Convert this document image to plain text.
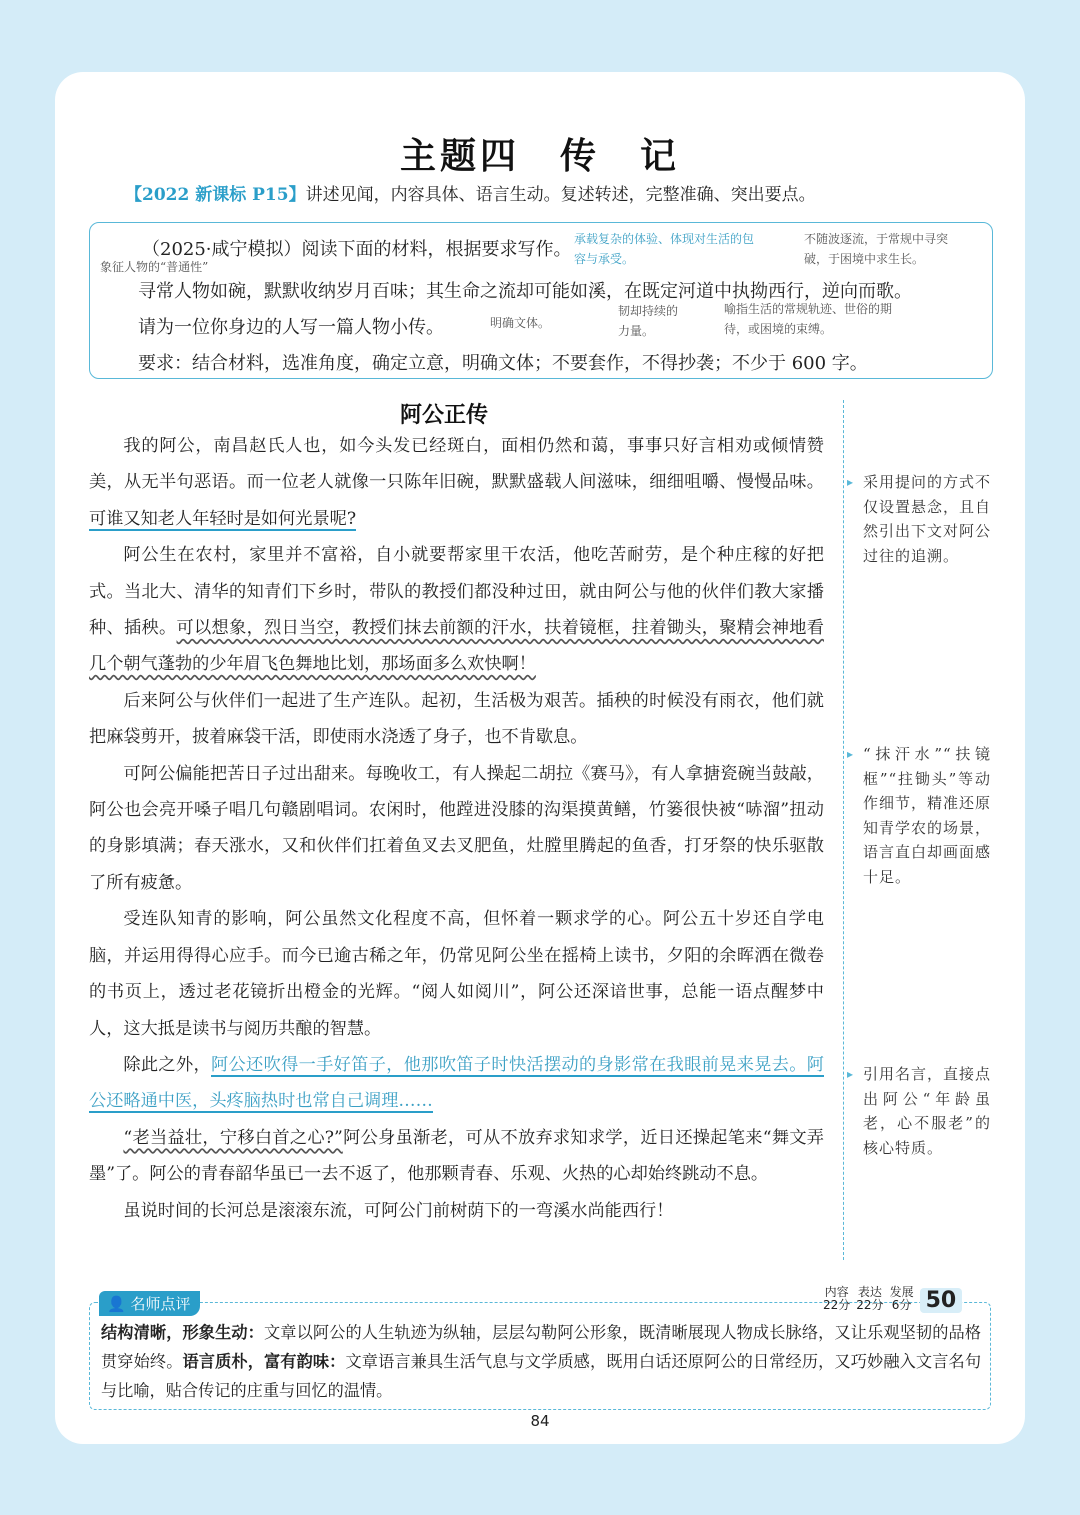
主题四　传　记
【2022 新课标 P15】讲述见闻，内容具体、语言生动。复述转述，完整准确、突出要点。
（2025·咸宁模拟）阅读下面的材料，根据要求写作。
寻常人物如碗，默默收纳岁月百味；其生命之流却可能如溪，在既定河道中执拗西行，逆向而歌。
请为一位你身边的人写一篇人物小传。
要求：结合材料，选准角度，确定立意，明确文体；不要套作，不得抄袭；不少于 600 字。
象征人物的“普通性”
承载复杂的体验、体现对生活的包容与承受。
不随波逐流，于常规中寻突破，于困境中求生长。
韧却持续的力量。
喻指生活的常规轨迹、世俗的期待，或困境的束缚。
明确文体。
阿公正传

我的阿公，南昌赵氏人也，如今头发已经斑白，面相仍然和蔼，事事只好言相劝或倾情赞美，从无半句恶语。而一位老人就像一只陈年旧碗，默默盛载人间滋味，细细咀嚼、慢慢品味。可谁又知老人年轻时是如何光景呢?

阿公生在农村，家里并不富裕，自小就要帮家里干农活，他吃苦耐劳，是个种庄稼的好把式。当北大、清华的知青们下乡时，带队的教授们都没种过田，就由阿公与他的伙伴们教大家播种、插秧。可以想象，烈日当空，教授们抹去前额的汗水，扶着镜框，拄着锄头，聚精会神地看几个朝气蓬勃的少年眉飞色舞地比划，那场面多么欢快啊！

后来阿公与伙伴们一起进了生产连队。起初，生活极为艰苦。插秧的时候没有雨衣，他们就把麻袋剪开，披着麻袋干活，即使雨水浇透了身子，也不肯歇息。

可阿公偏能把苦日子过出甜来。每晚收工，有人操起二胡拉《赛马》，有人拿搪瓷碗当鼓敲，阿公也会亮开嗓子唱几句赣剧唱词。农闲时，他蹚进没膝的沟渠摸黄鳝，竹篓很快被“哧溜”扭动的身影填满；春天涨水，又和伙伴们扛着鱼叉去叉肥鱼，灶膛里腾起的鱼香，打牙祭的快乐驱散了所有疲惫。

受连队知青的影响，阿公虽然文化程度不高，但怀着一颗求学的心。阿公五十岁还自学电脑，并运用得得心应手。而今已逾古稀之年，仍常见阿公坐在摇椅上读书，夕阳的余晖洒在微卷的书页上，透过老花镜折出橙金的光辉。“阅人如阅川”，阿公还深谙世事，总能一语点醒梦中人，这大抵是读书与阅历共酿的智慧。

除此之外，阿公还吹得一手好笛子，他那吹笛子时快活摆动的身影常在我眼前晃来晃去。阿公还略通中医，头疼脑热时也常自己调理……

“老当益壮，宁移白首之心?”阿公身虽渐老，可从不放弃求知求学，近日还操起笔来“舞文弄墨”了。阿公的青春韶华虽已一去不返了，他那颗青春、乐观、火热的心却始终跳动不息。

虽说时间的长河总是滚滚东流，可阿公门前树荫下的一弯溪水尚能西行！

▸ 采用提问的方式不仅设置悬念，且自然引出下文对阿公过往的追溯。
▸ “抹汗水”“扶镜框”“拄锄头”等动作细节，精准还原知青学农的场景，语言直白却画面感十足。
▸ 引用名言，直接点出阿公“年龄虽老，心不服老”的核心特质。
👤 名师点评
内容
22分
表达
22分
发展
6分 50
结构清晰，形象生动：文章以阿公的人生轨迹为纵轴，层层勾勒阿公形象，既清晰展现人物成长脉络，又让乐观坚韧的品格贯穿始终。语言质朴，富有韵味：文章语言兼具生活气息与文学质感，既用白话还原阿公的日常经历，又巧妙融入文言名句与比喻，贴合传记的庄重与回忆的温情。
84
